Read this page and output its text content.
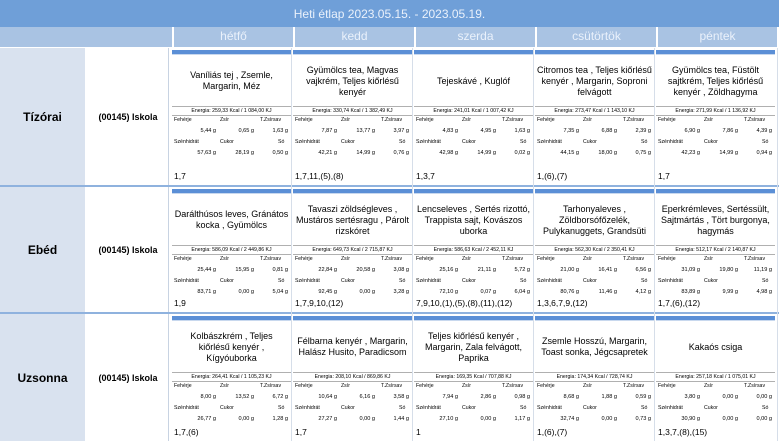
Heti étlap 2023.05.15. - 2023.05.19.
hétfő	kedd	szerda	csütörtök	péntek
Tízórai	(00145) Iskola
Vaníliás tej , Zsemle, Margarin, Méz
Energia: 259,33 Kcal / 1 084,00 KJ
Fehérje	Zsír	T.Zsírsav
5,44 g	0,65 g	1,63 g
Szénhidrát	Cukor	Só
57,63 g	28,19 g	0,50 g
1,7
Gyümölcs tea, Magvas vajkrém, Teljes kiőrlésű kenyér
Energia: 330,74 Kcal / 1 382,49 KJ
Fehérje	Zsír	T.Zsírsav
7,87 g	13,77 g	3,97 g
Szénhidrát	Cukor	Só
42,21 g	14,99 g	0,76 g
1,7,11,(5),(8)
Tejeskávé , Kuglóf
Energia: 241,01 Kcal / 1 007,42 KJ
Fehérje	Zsír	T.Zsírsav
4,83 g	4,95 g	1,63 g
Szénhidrát	Cukor	Só
42,98 g	14,99 g	0,02 g
1,3,7
Citromos tea , Teljes kiőrlésű kenyér , Margarin, Soproni felvágott
Energia: 273,47 Kcal / 1 143,10 KJ
Fehérje	Zsír	T.Zsírsav
7,35 g	6,88 g	2,39 g
Szénhidrát	Cukor	Só
44,15 g	18,00 g	0,75 g
1,(6),(7)
Gyümölcs tea, Füstölt sajtkrém, Teljes kiőrlésű kenyér , Zöldhagyma
Energia: 271,99 Kcal / 1 136,92 KJ
Fehérje	Zsír	T.Zsírsav
6,90 g	7,86 g	4,39 g
Szénhidrát	Cukor	Só
42,23 g	14,99 g	0,94 g
1,7
Ebéd	(00145) Iskola
Darálthúsos leves, Gránátos kocka , Gyümölcs
Energia: 586,09 Kcal / 2 449,86 KJ
Fehérje	Zsír	T.Zsírsav
25,44 g	15,95 g	0,81 g
Szénhidrát	Cukor	Só
83,71 g	0,00 g	5,04 g
1,9
Tavaszi zöldségleves , Mustáros sertésragu , Párolt rizskóret
Energia: 649,73 Kcal / 2 715,87 KJ
Fehérje	Zsír	T.Zsírsav
22,84 g	20,58 g	3,08 g
Szénhidrát	Cukor	Só
92,45 g	0,00 g	3,28 g
1,7,9,10,(12)
Lencseleves , Sertés rizottó, Trappista sajt, Kovászos uborka
Energia: 586,63 Kcal / 2 452,11 KJ
Fehérje	Zsír	T.Zsírsav
25,16 g	21,11 g	5,72 g
Szénhidrát	Cukor	Só
72,10 g	0,07 g	6,04 g
7,9,10,(1),(5),(8),(11),(12)
Tarhonyaleves , Zöldborsófőzelék, Pulykanuggets, Grandsüti
Energia: 562,30 Kcal / 2 350,41 KJ
Fehérje	Zsír	T.Zsírsav
21,00 g	16,41 g	6,56 g
Szénhidrát	Cukor	Só
80,76 g	11,46 g	4,12 g
1,3,6,7,9,(12)
Eperkrémleves, Sertéssült, Sajtmártás , Tört burgonya, hagymás
Energia: 512,17 Kcal / 2 140,87 KJ
Fehérje	Zsír	T.Zsírsav
31,09 g	19,80 g	11,19 g
Szénhidrát	Cukor	Só
83,89 g	9,99 g	4,98 g
1,7,(6),(12)
Uzsonna	(00145) Iskola
Kolbászkrém , Teljes kiőrlésű kenyér , Kígyóuborka
Energia: 264,41 Kcal / 1 105,23 KJ
Fehérje	Zsír	T.Zsírsav
8,00 g	13,52 g	6,72 g
Szénhidrát	Cukor	Só
26,77 g	0,00 g	1,28 g
1,7,(6)
Félbarna kenyér , Margarin, Halász Husito, Paradicsom
Energia: 208,10 Kcal / 869,86 KJ
Fehérje	Zsír	T.Zsírsav
10,64 g	6,16 g	3,58 g
Szénhidrát	Cukor	Só
27,27 g	0,00 g	1,44 g
1,7
Teljes kiőrlésű kenyér , Margarin, Zala felvágott, Paprika
Energia: 169,35 Kcal / 707,88 KJ
Fehérje	Zsír	T.Zsírsav
7,94 g	2,86 g	0,98 g
Szénhidrát	Cukor	Só
27,10 g	0,00 g	1,17 g
1
Zsemle Hosszú, Margarin, Toast sonka, Jégcsapretek
Energia: 174,34 Kcal / 728,74 KJ
Fehérje	Zsír	T.Zsírsav
8,68 g	1,88 g	0,59 g
Szénhidrát	Cukor	Só
32,74 g	0,00 g	0,73 g
1,(6),(7)
Kakaós csiga
Energia: 257,18 Kcal / 1 075,01 KJ
Fehérje	Zsír	T.Zsírsav
3,80 g	0,00 g	0,00 g
Szénhidrát	Cukor	Só
30,90 g	0,00 g	0,00 g
1,3,7,(8),(15)
